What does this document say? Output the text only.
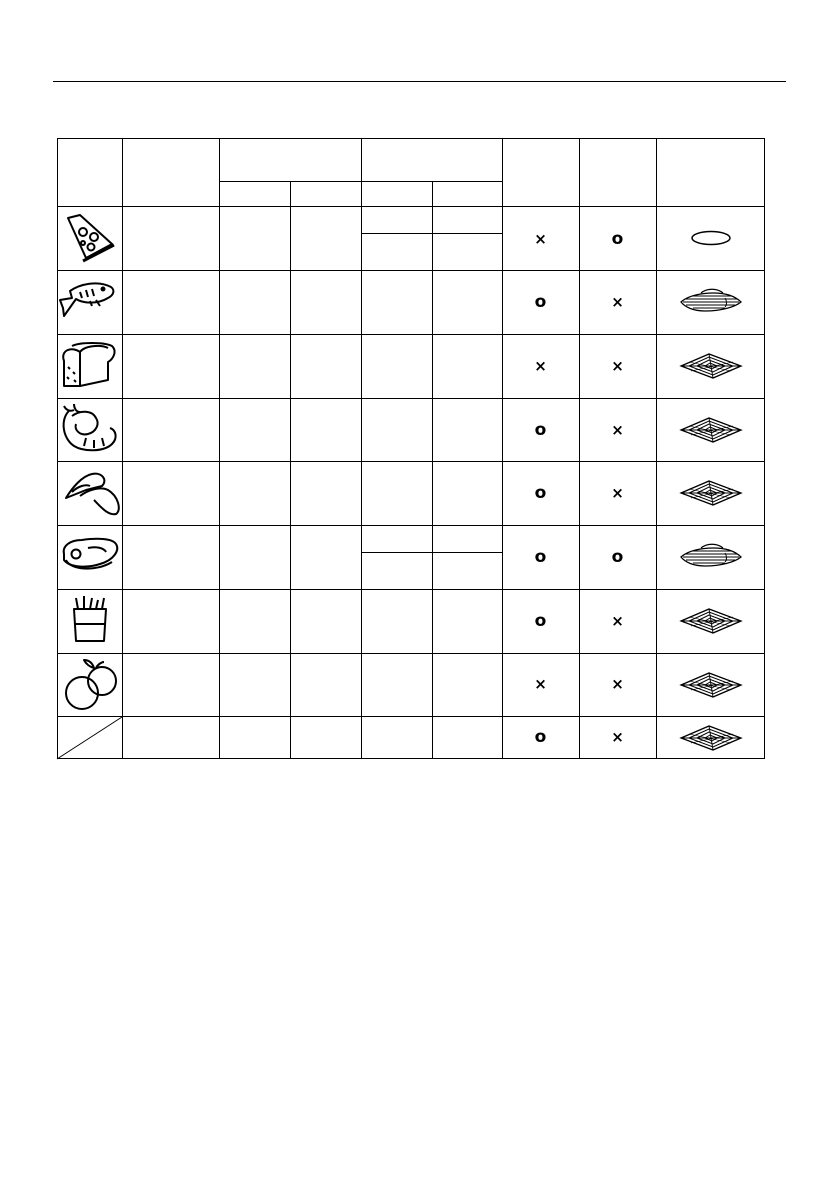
×
o
×
o
o
o
o
×
o
o
×
×
×
×
o
×
×
×
